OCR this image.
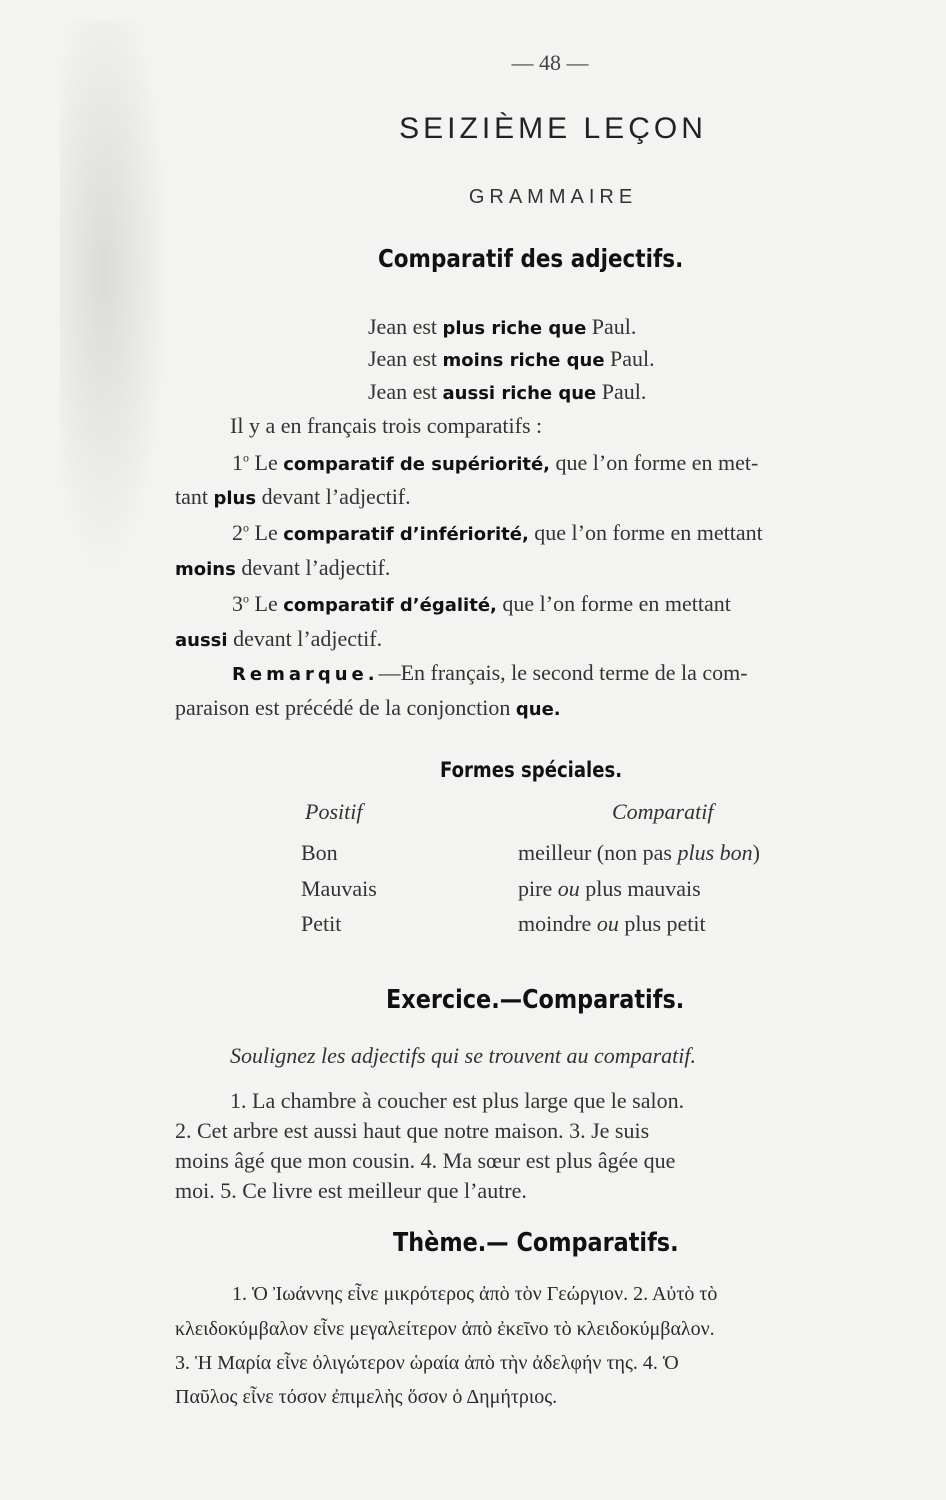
— 48 —
SEIZIÈME LEÇON
GRAMMAIRE
Comparatif des adjectifs.
Jean est plus riche que Paul.
Jean est moins riche que Paul.
Jean est aussi riche que Paul.
Il y a en français trois comparatifs :
1$^o$ Le comparatif de supériorité, que l’on forme en met-
tant plus devant l’adjectif.
2$^o$ Le comparatif d’infériorité, que l’on forme en mettant
moins devant l’adjectif.
3$^o$ Le comparatif d’égalité, que l’on forme en mettant
aussi devant l’adjectif.
Remarque.—En français, le second terme de la com-
paraison est précédé de la conjonction que.
Formes spéciales.
Positif	Comparatif
Bon	meilleur (non pas plus bon)
Mauvais	pire ou plus mauvais
Petit	moindre ou plus petit
Exercice.—Comparatifs.
Soulignez les adjectifs qui se trouvent au comparatif.
1. La chambre à coucher est plus large que le salon.
2. Cet arbre est aussi haut que notre maison. 3. Je suis
moins âgé que mon cousin. 4. Ma sœur est plus âgée que
moi. 5. Ce livre est meilleur que l’autre.
Thème.— Comparatifs.
1. Ὁ Ἰωάννης εἶνε μικρότερος ἀπὸ τὸν Γεώργιον. 2. Αὐτὸ τὸ
κλειδοκύμβαλον εἶνε μεγαλείτερον ἀπὸ ἐκεῖνο τὸ κλειδοκύμβαλον.
3. Ἡ Μαρία εἶνε ὀλιγώτερον ὡραία ἀπὸ τὴν ἀδελφήν της. 4. Ὁ
Παῦλος εἶνε τόσον ἐπιμελὴς ὅσον ὁ Δημήτριος.
